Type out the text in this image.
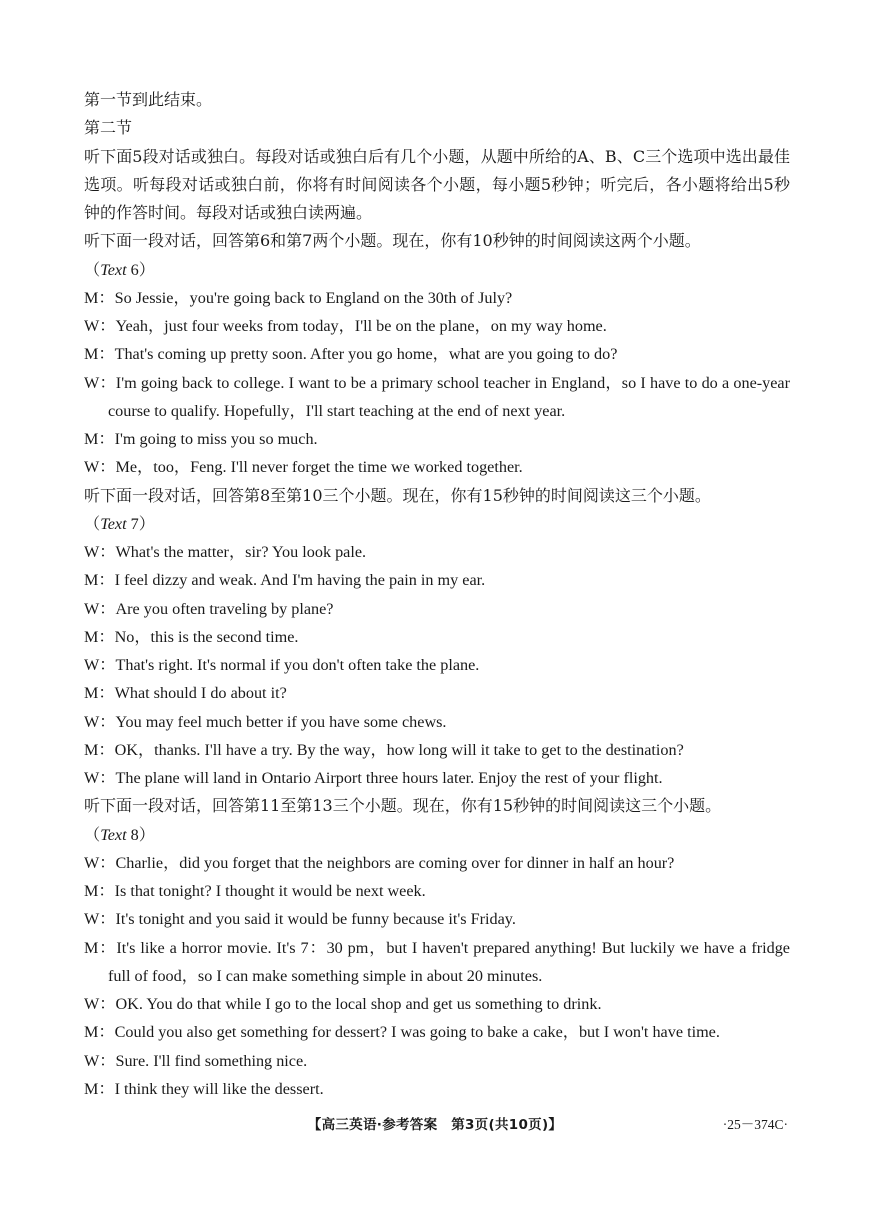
第一节到此结束。
第二节
听下面5段对话或独白。每段对话或独白后有几个小题，从题中所给的A、B、C三个选项中选出最佳选项。听每段对话或独白前，你将有时间阅读各个小题，每小题5秒钟；听完后，各小题将给出5秒钟的作答时间。每段对话或独白读两遍。
听下面一段对话，回答第6和第7两个小题。现在，你有10秒钟的时间阅读这两个小题。
（Text 6）
M：So Jessie，you're going back to England on the 30th of July?
W：Yeah，just four weeks from today，I'll be on the plane，on my way home.
M：That's coming up pretty soon. After you go home，what are you going to do?
W：I'm going back to college. I want to be a primary school teacher in England，so I have to do a one-year course to qualify. Hopefully，I'll start teaching at the end of next year.
M：I'm going to miss you so much.
W：Me，too，Feng. I'll never forget the time we worked together.
听下面一段对话，回答第8至第10三个小题。现在，你有15秒钟的时间阅读这三个小题。
（Text 7）
W：What's the matter，sir? You look pale.
M：I feel dizzy and weak. And I'm having the pain in my ear.
W：Are you often traveling by plane?
M：No，this is the second time.
W：That's right. It's normal if you don't often take the plane.
M：What should I do about it?
W：You may feel much better if you have some chews.
M：OK，thanks. I'll have a try. By the way，how long will it take to get to the destination?
W：The plane will land in Ontario Airport three hours later. Enjoy the rest of your flight.
听下面一段对话，回答第11至第13三个小题。现在，你有15秒钟的时间阅读这三个小题。
（Text 8）
W：Charlie，did you forget that the neighbors are coming over for dinner in half an hour?
M：Is that tonight? I thought it would be next week.
W：It's tonight and you said it would be funny because it's Friday.
M：It's like a horror movie. It's 7：30 pm，but I haven't prepared anything! But luckily we have a fridge full of food，so I can make something simple in about 20 minutes.
W：OK. You do that while I go to the local shop and get us something to drink.
M：Could you also get something for dessert? I was going to bake a cake，but I won't have time.
W：Sure. I'll find something nice.
M：I think they will like the dessert.
【高三英语·参考答案　第3页(共10页)】	·25－374C·
